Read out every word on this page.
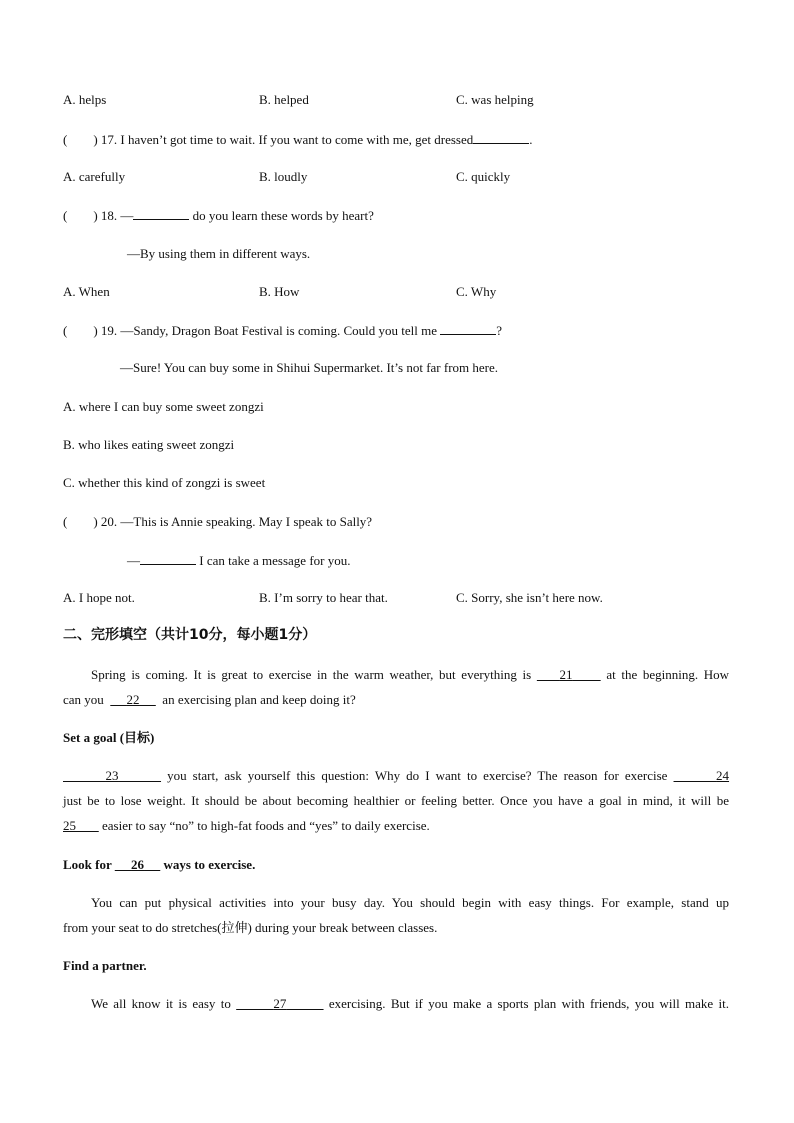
A. helps	B. helped	C. was helping
(        ) 17. I haven’t got time to wait. If you want to come with me, get dressed	.
A. carefully	B. loudly	C. quickly
(        ) 18. —	do you learn these words by heart?
—By using them in different ways.
A. When	B. How	C. Why
(        ) 19. —Sandy, Dragon Boat Festival is coming. Could you tell me	?
—Sure! You can buy some in Shihui Supermarket. It’s not far from here.
A. where I can buy some sweet zongzi
B. who likes eating sweet zongzi
C. whether this kind of zongzi is sweet
(        ) 20. —This is Annie speaking. May I speak to Sally?
—	I can take a message for you.
A. I hope not.	B. I’m sorry to hear that.	C. Sorry, she isn’t here now.
二、完形填空（共计10分，每小题1分）
Spring is coming. It is great to exercise in the warm weather, but everything is 21	at the beginning. How
can you 22 an exercising plan and keep doing it?
Set a goal (目标)
23	you start, ask yourself this question: Why do I want to exercise? The reason for exercise	24
just be to lose weight. It should be about becoming healthier or feeling better. Once you have a goal in mind, it will be
25 easier to say “no” to high-fat foods and “yes” to daily exercise.
Look for 26 ways to exercise.
You can put physical activities into your busy day. You should begin with easy things. For example, stand up
from your seat to do stretches(拉伸) during your break between classes.
Find a partner.
We all know it is easy to	27	exercising. But if you make a sports plan with friends, you will make it.
